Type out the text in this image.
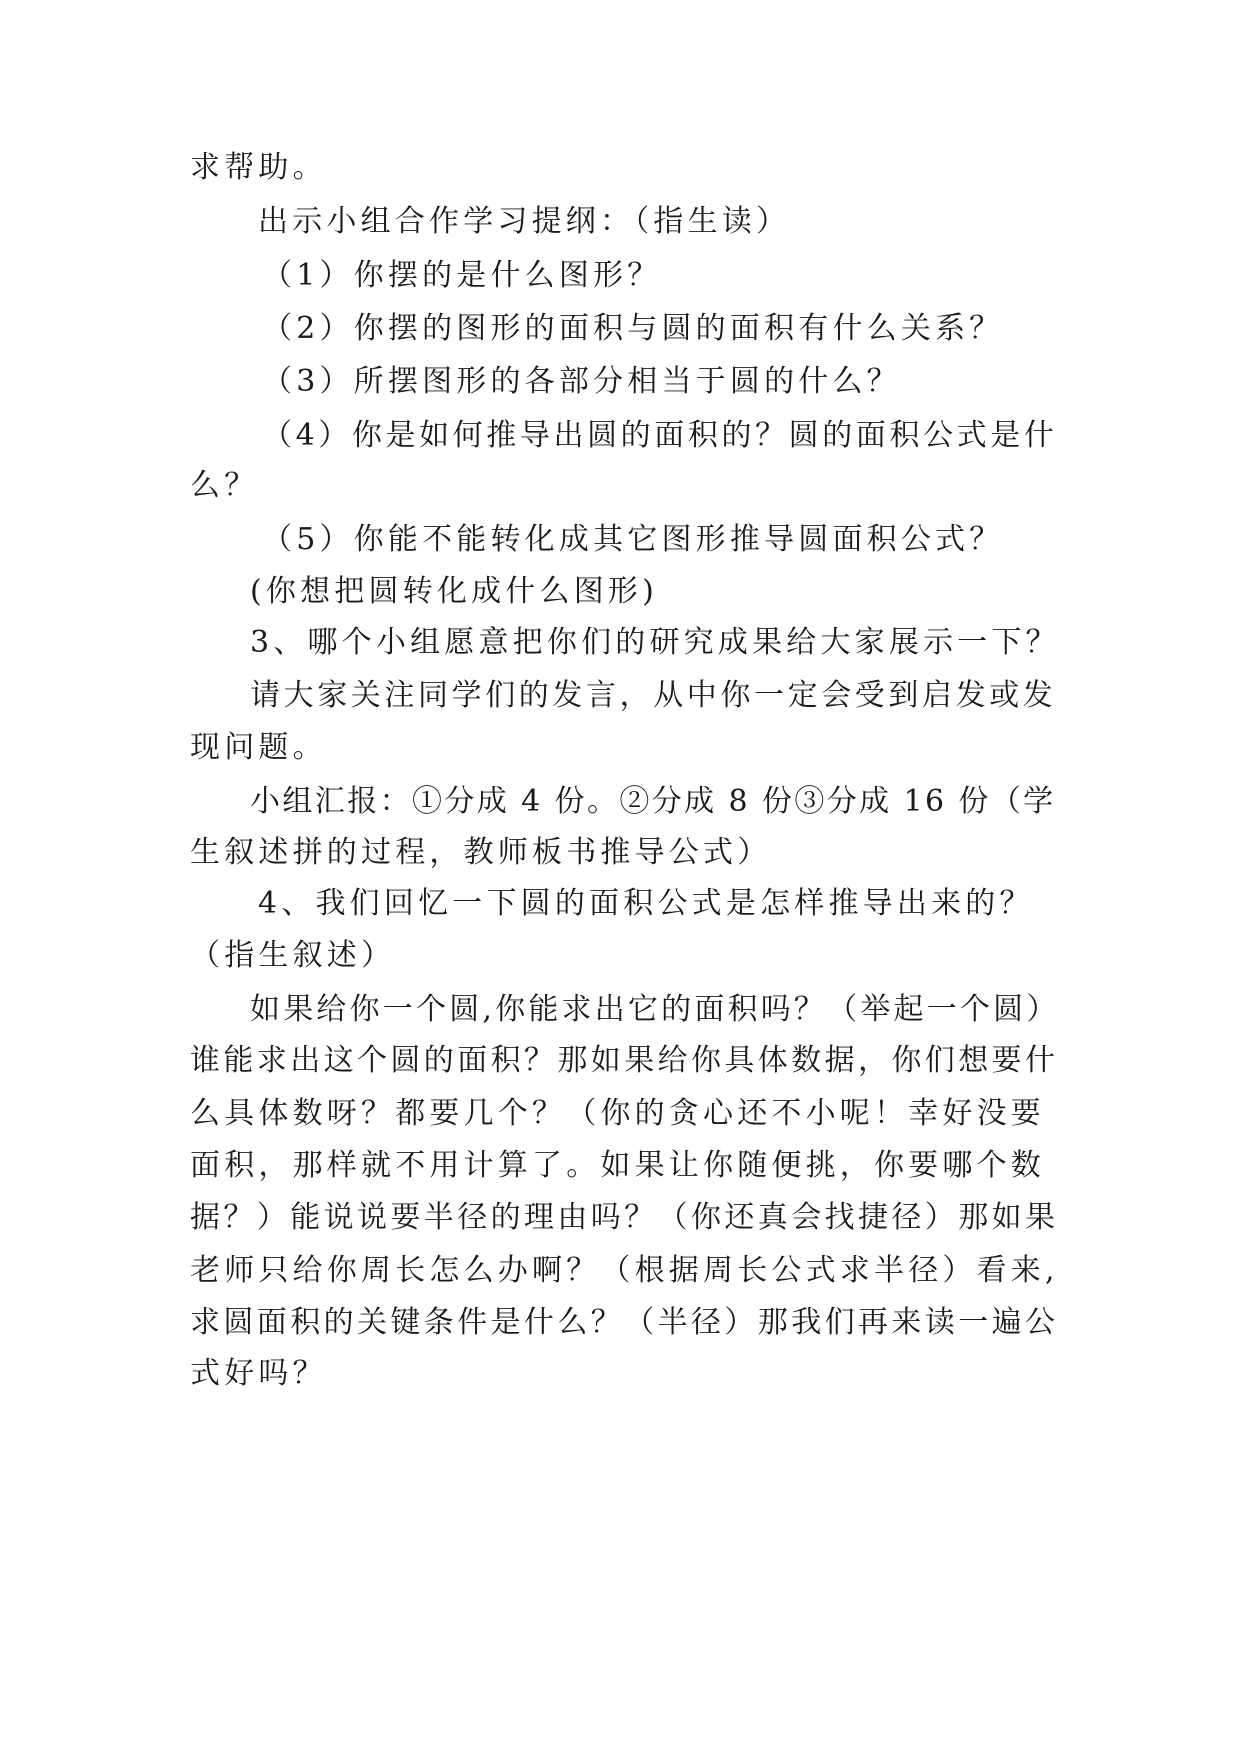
求帮助。
出示小组合作学习提纲：（指生读）
（1）你摆的是什么图形？
（2）你摆的图形的面积与圆的面积有什么关系？
（3）所摆图形的各部分相当于圆的什么？
（4）你是如何推导出圆的面积的？圆的面积公式是什
么？
（5）你能不能转化成其它图形推导圆面积公式？
(你想把圆转化成什么图形)
3、哪个小组愿意把你们的研究成果给大家展示一下？
请大家关注同学们的发言，从中你一定会受到启发或发
现问题。
小组汇报：①分成 4 份。②分成 8 份③分成 16 份（学
生叙述拼的过程，教师板书推导公式）
4、我们回忆一下圆的面积公式是怎样推导出来的？
（指生叙述）
如果给你一个圆,你能求出它的面积吗？（举起一个圆）
谁能求出这个圆的面积？那如果给你具体数据，你们想要什
么具体数呀？都要几个？（你的贪心还不小呢！幸好没要
面积，那样就不用计算了。如果让你随便挑，你要哪个数
据？）能说说要半径的理由吗？（你还真会找捷径）那如果
老师只给你周长怎么办啊？（根据周长公式求半径）看来,
求圆面积的关键条件是什么？（半径）那我们再来读一遍公
式好吗？
